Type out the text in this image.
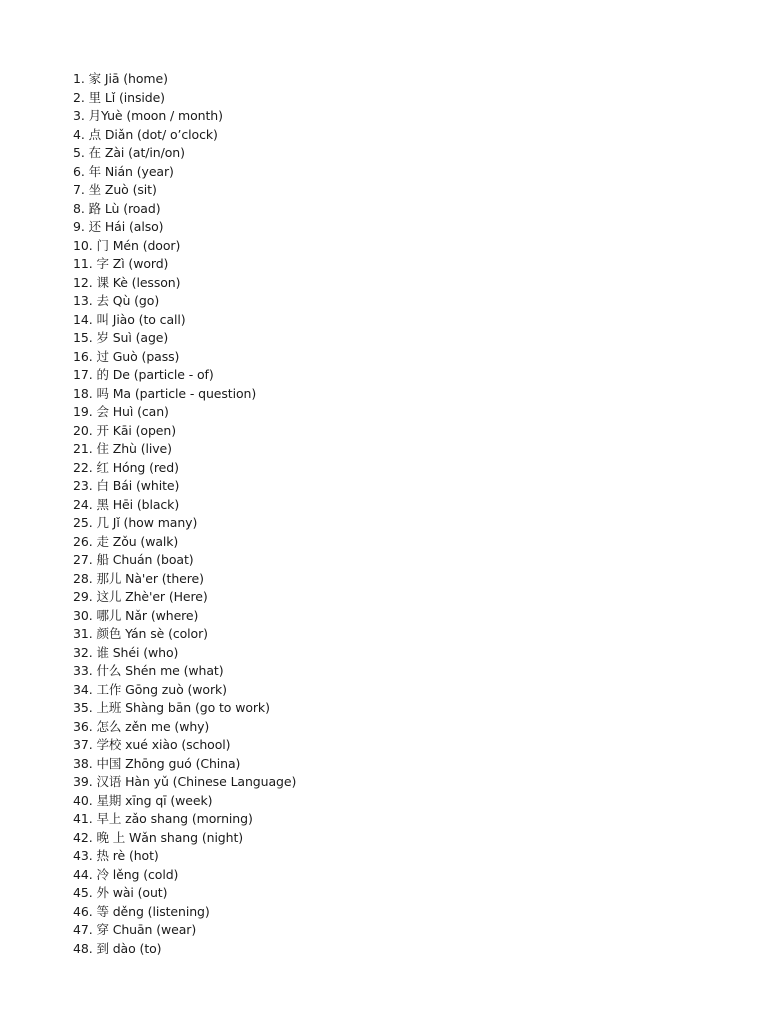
1. 家 Jiā (home)
2. 里 Lǐ (inside)
3. 月Yuè (moon / month)
4. 点 Diǎn (dot/ o’clock)
5. 在 Zài (at/in/on)
6. 年 Nián (year)
7. 坐 Zuò (sit)
8. 路 Lù (road)
9. 还 Hái (also)
10. 门 Mén (door)
11. 字 Zì (word)
12. 课 Kè (lesson)
13. 去 Qù (go)
14. 叫 Jiào (to call)
15. 岁 Suì (age)
16. 过 Guò (pass)
17. 的 De (particle - of)
18. 吗 Ma (particle - question)
19. 会 Huì (can)
20. 开 Kāi (open)
21. 住 Zhù (live)
22. 红 Hóng (red)
23. 白 Bái (white)
24. 黑 Hēi (black)
25. 几 Jǐ (how many)
26. 走 Zǒu (walk)
27. 船 Chuán (boat)
28. 那儿 Nà'er (there)
29. 这儿 Zhè'er (Here)
30. 哪儿 Nǎr (where)
31. 颜色 Yán sè (color)
32. 谁 Shéi (who)
33. 什么 Shén me (what)
34. 工作 Gōng zuò (work)
35. 上班 Shàng bān (go to work)
36. 怎么 zěn me (why)
37. 学校 xué xiào (school)
38. 中国 Zhōng guó (China)
39. 汉语 Hàn yǔ (Chinese Language)
40. 星期 xīng qī (week)
41. 早上 zǎo shang (morning)
42. 晚 上 Wǎn shang (night)
43. 热 rè (hot)
44. 冷 lěng (cold)
45. 外 wài (out)
46. 等 děng (listening)
47. 穿 Chuān (wear)
48. 到 dào (to)
